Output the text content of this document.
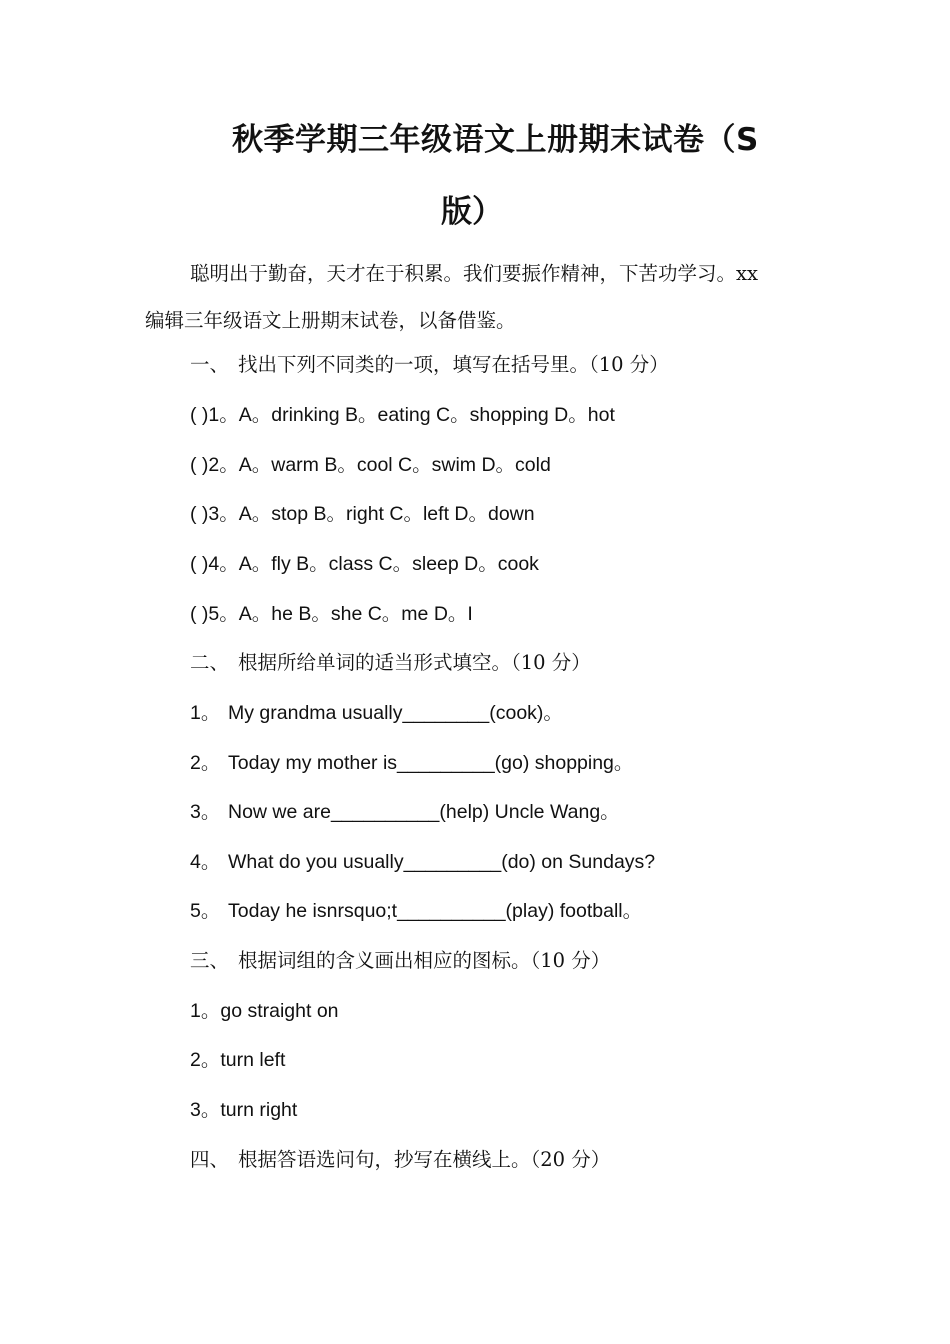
秋季学期三年级语文上册期末试卷（S
版）
聪明出于勤奋，天才在于积累。我们要振作精神，下苦功学习。xx
编辑三年级语文上册期末试卷，以备借鉴。
一、 找出下列不同类的一项，填写在括号里。（10 分）
( )1。A。drinking B。eating C。shopping D。hot
( )2。A。warm B。cool C。swim D。cold
( )3。A。stop B。right C。left D。down
( )4。A。fly B。class C。sleep D。cook
( )5。A。he B。she C。me D。I
二、 根据所给单词的适当形式填空。（10 分）
1。 My grandma usually________(cook)。
2。 Today my mother is_________(go) shopping。
3。 Now we are__________(help) Uncle Wang。
4。 What do you usually_________(do) on Sundays?
5。 Today he isnrsquo;t__________(play) football。
三、 根据词组的含义画出相应的图标。（10 分）
1。go straight on
2。turn left
3。turn right
四、 根据答语选问句，抄写在横线上。（20 分）
